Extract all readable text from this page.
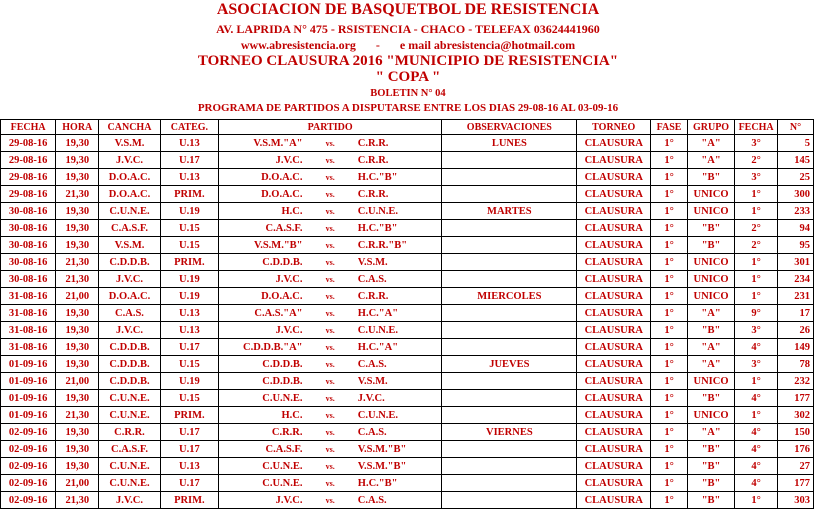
ASOCIACION DE BASQUETBOL DE RESISTENCIA
AV. LAPRIDA N° 475 - RSISTENCIA - CHACO - TELEFAX 03624441960
www.abresistencia.org - e mail abresistencia@hotmail.com
TORNEO CLAUSURA 2016 "MUNICIPIO DE RESISTENCIA"
" COPA "
BOLETIN N° 04
PROGRAMA DE PARTIDOS A DISPUTARSE ENTRE LOS DIAS 29-08-16 AL 03-09-16
FECHA	HORA	CANCHA	CATEG.	PARTIDO			OBSERVACIONES	TORNEO	FASE	GRUPO	FECHA	N°
29-08-16	19,30	V.S.M.	U.13	V.S.M."A"	vs.	C.R.R.	LUNES	CLAUSURA	1°	"A"	3°	5
29-08-16	19,30	J.V.C.	U.17	J.V.C.	vs.	C.R.R.		CLAUSURA	1°	"A"	2°	145
29-08-16	19,30	D.O.A.C.	U.13	D.O.A.C.	vs.	H.C."B"		CLAUSURA	1°	"B"	3°	25
29-08-16	21,30	D.O.A.C.	PRIM.	D.O.A.C.	vs.	C.R.R.		CLAUSURA	1°	UNICO	1°	300
30-08-16	19,30	C.U.N.E.	U.19	H.C.	vs.	C.U.N.E.	MARTES	CLAUSURA	1°	UNICO	1°	233
30-08-16	19,30	C.A.S.F.	U.15	C.A.S.F.	vs.	H.C."B"		CLAUSURA	1°	"B"	2°	94
30-08-16	19,30	V.S.M.	U.15	V.S.M."B"	vs.	C.R.R."B"		CLAUSURA	1°	"B"	2°	95
30-08-16	21,30	C.D.D.B.	PRIM.	C.D.D.B.	vs.	V.S.M.		CLAUSURA	1°	UNICO	1°	301
30-08-16	21,30	J.V.C.	U.19	J.V.C.	vs.	C.A.S.		CLAUSURA	1°	UNICO	1°	234
31-08-16	21,00	D.O.A.C.	U.19	D.O.A.C.	vs.	C.R.R.	MIERCOLES	CLAUSURA	1°	UNICO	1°	231
31-08-16	19,30	C.A.S.	U.13	C.A.S."A"	vs.	H.C."A"		CLAUSURA	1°	"A"	9°	17
31-08-16	19,30	J.V.C.	U.13	J.V.C.	vs.	C.U.N.E.		CLAUSURA	1°	"B"	3°	26
31-08-16	19,30	C.D.D.B.	U.17	C.D.D.B."A"	vs.	H.C."A"		CLAUSURA	1°	"A"	4°	149
01-09-16	19,30	C.D.D.B.	U.15	C.D.D.B.	vs.	C.A.S.	JUEVES	CLAUSURA	1°	"A"	3°	78
01-09-16	21,00	C.D.D.B.	U.19	C.D.D.B.	vs.	V.S.M.		CLAUSURA	1°	UNICO	1°	232
01-09-16	19,30	C.U.N.E.	U.15	C.U.N.E.	vs.	J.V.C.		CLAUSURA	1°	"B"	4°	177
01-09-16	21,30	C.U.N.E.	PRIM.	H.C.	vs.	C.U.N.E.		CLAUSURA	1°	UNICO	1°	302
02-09-16	19,30	C.R.R.	U.17	C.R.R.	vs.	C.A.S.	VIERNES	CLAUSURA	1°	"A"	4°	150
02-09-16	19,30	C.A.S.F.	U.17	C.A.S.F.	vs.	V.S.M."B"		CLAUSURA	1°	"B"	4°	176
02-09-16	19,30	C.U.N.E.	U.13	C.U.N.E.	vs.	V.S.M."B"		CLAUSURA	1°	"B"	4°	27
02-09-16	21,00	C.U.N.E.	U.17	C.U.N.E.	vs.	H.C."B"		CLAUSURA	1°	"B"	4°	177
02-09-16	21,30	J.V.C.	PRIM.	J.V.C.	vs.	C.A.S.		CLAUSURA	1°	"B"	1°	303
